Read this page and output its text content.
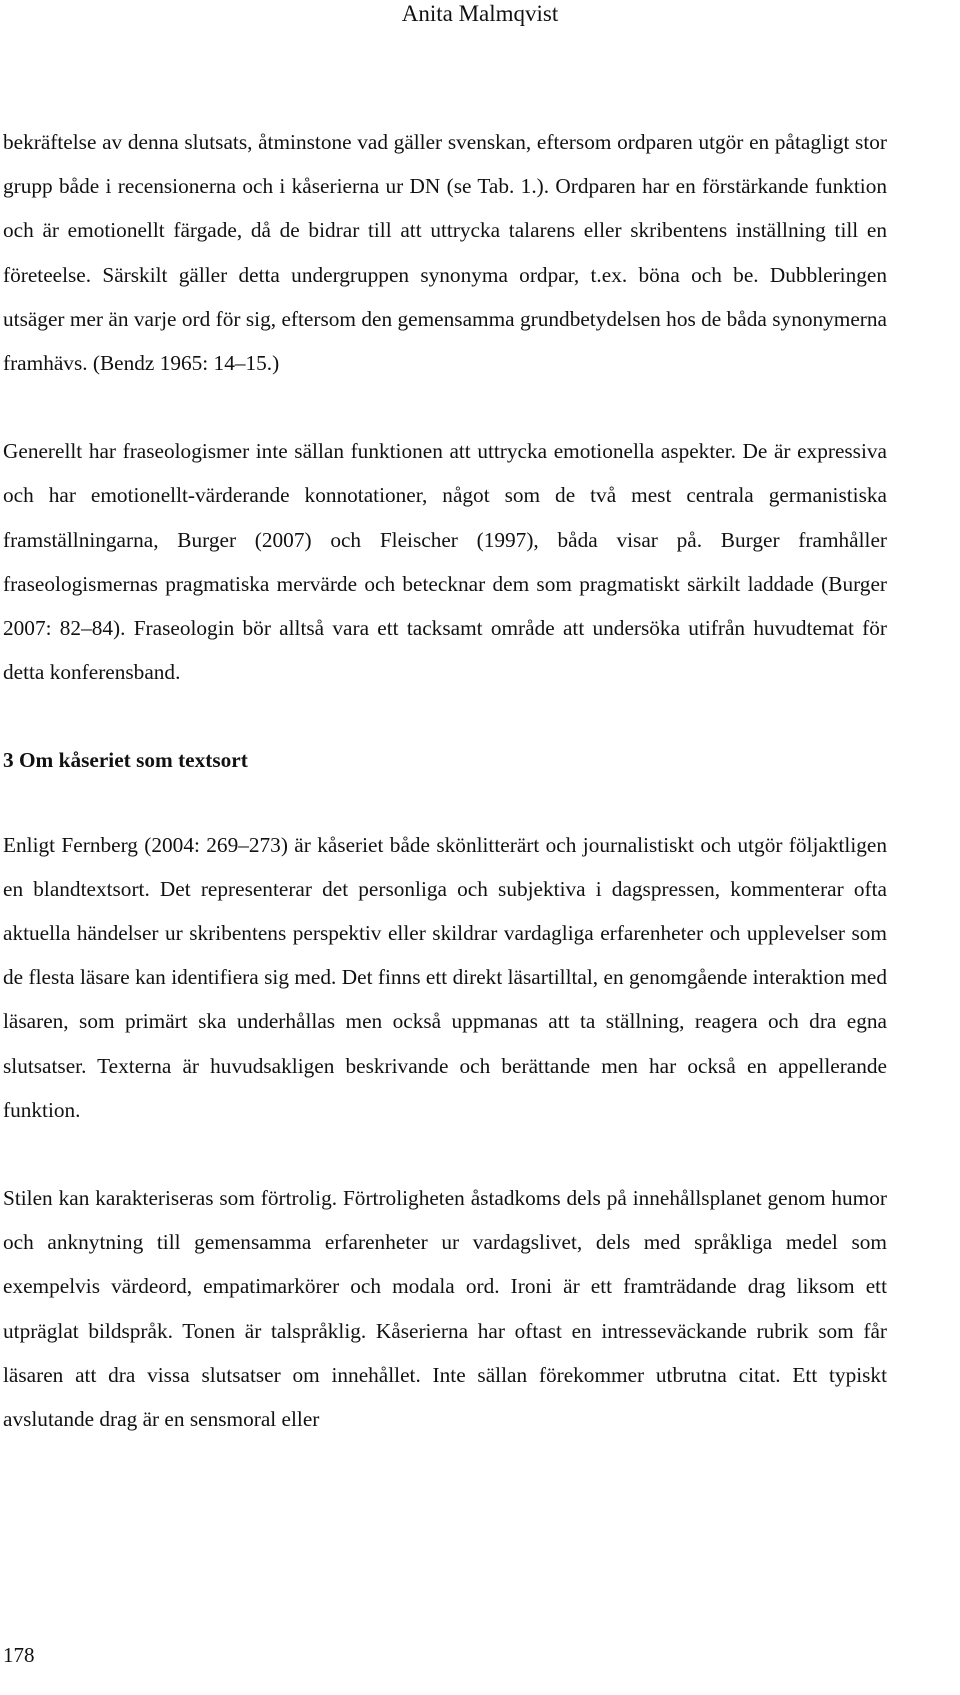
Anita Malmqvist

bekräftelse av denna slutsats, åtminstone vad gäller svenskan, eftersom ordparen utgör en påtagligt stor grupp både i recensionerna och i kåserierna ur DN (se Tab. 1.). Ordparen har en förstärkande funktion och är emotionellt färgade, då de bidrar till att uttrycka talarens eller skribentens inställning till en företeelse. Särskilt gäller detta undergruppen synonyma ordpar, t.ex. böna och be. Dubbleringen utsäger mer än varje ord för sig, eftersom den gemensamma grundbetydelsen hos de båda synonymerna framhävs. (Bendz 1965: 14–15.)

Generellt har fraseologismer inte sällan funktionen att uttrycka emotionella aspekter. De är expressiva och har emotionellt-värderande konnotationer, något som de två mest centrala germanistiska framställningarna, Burger (2007) och Fleischer (1997), båda visar på. Burger framhåller fraseologismernas pragmatiska mervärde och betecknar dem som pragmatiskt särkilt laddade (Burger 2007: 82–84). Fraseologin bör alltså vara ett tacksamt område att undersöka utifrån huvudtemat för detta konferensband.

3 Om kåseriet som textsort

Enligt Fernberg (2004: 269–273) är kåseriet både skönlitterärt och journalistiskt och utgör följaktligen en blandtextsort. Det representerar det personliga och subjektiva i dagspressen, kommenterar ofta aktuella händelser ur skribentens perspektiv eller skildrar vardagliga erfarenheter och upplevelser som de flesta läsare kan identifiera sig med. Det finns ett direkt läsartilltal, en genomgående interaktion med läsaren, som primärt ska underhållas men också uppmanas att ta ställning, reagera och dra egna slutsatser. Texterna är huvudsakligen beskrivande och berättande men har också en appellerande funktion.

Stilen kan karakteriseras som förtrolig. Förtroligheten åstadkoms dels på innehållsplanet genom humor och anknytning till gemensamma erfarenheter ur vardagslivet, dels med språkliga medel som exempelvis värdeord, empatimarkörer och modala ord. Ironi är ett framträdande drag liksom ett utpräglat bildspråk. Tonen är talspråklig. Kåserierna har oftast en intresseväckande rubrik som får läsaren att dra vissa slutsatser om innehållet. Inte sällan förekommer utbrutna citat. Ett typiskt avslutande drag är en sensmoral eller

178
